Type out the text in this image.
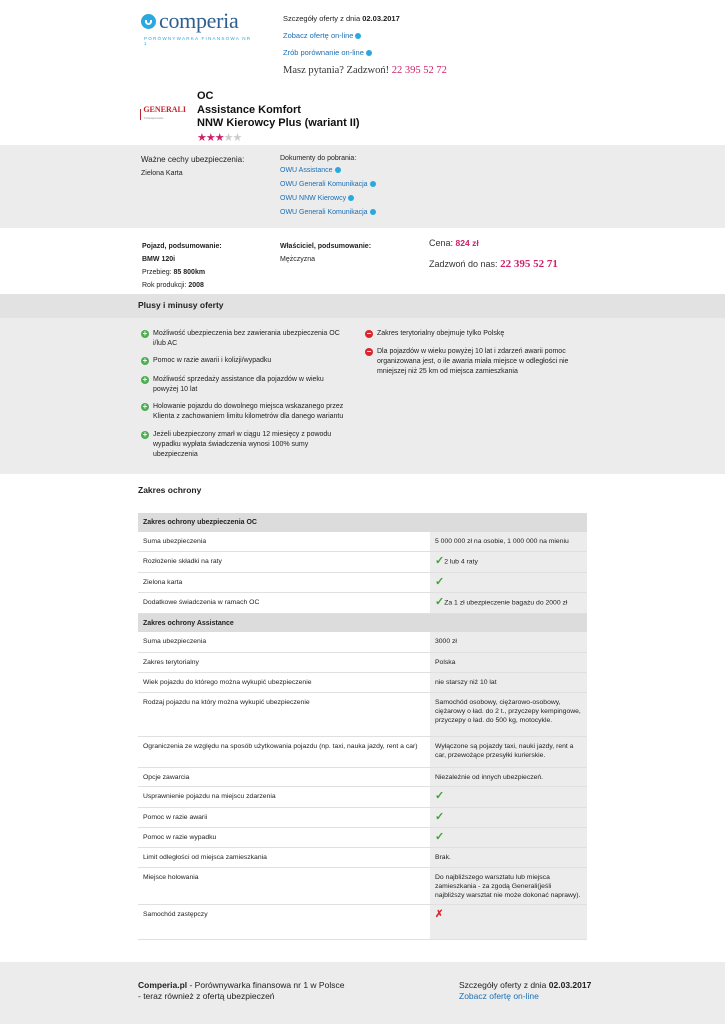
comperia
PORÓWNYWARKA FINANSOWA NR 1
Szczegóły oferty z dnia 02.03.2017
Zobacz ofertę on-line
Zrób porównanie on-line
Masz pytania? Zadzwoń! 22 395 52 72
GENERALI
T.Ubezpieczenia
OC
Assistance Komfort
NNW Kierowcy Plus (wariant II)
★★★★★
Ważne cechy ubezpieczenia:
Zielona Karta
Dokumenty do pobrania:
OWU Assistance
OWU Generali Komunikacja
OWU NNW Kierowcy
OWU Generali Komunikacja
Pojazd, podsumowanie:
BMW 120i
Przebieg: 85 800km
Rok produkcji: 2008
Właściciel, podsumowanie:
Mężczyzna
Cena: 824 zł
Zadzwoń do nas: 22 395 52 71
Plusy i minusy oferty
+ Możliwość ubezpieczenia bez zawierania ubezpieczenia OC i/lub AC
+ Pomoc w razie awarii i kolizji/wypadku
+ Możliwość sprzedaży assistance dla pojazdów w wieku powyżej 10 lat
+ Holowanie pojazdu do dowolnego miejsca wskazanego przez Klienta z zachowaniem limitu kilometrów dla danego wariantu
+ Jeżeli ubezpieczony zmarł w ciągu 12 miesięcy z powodu wypadku wypłata świadczenia wynosi 100% sumy ubezpieczenia
− Zakres terytorialny obejmuje tylko Polskę
− Dla pojazdów w wieku powyżej 10 lat i zdarzeń awarii pomoc organizowana jest, o ile awaria miała miejsce w odległości nie mniejszej niż 25 km od miejsca zamieszkania
Zakres ochrony
Zakres ochrony ubezpieczenia OC	
Suma ubezpieczenia	5 000 000 zł na osobie, 1 000 000 na mieniu
Rozłożenie składki na raty	✓2 lub 4 raty
Zielona karta	✓
Dodatkowe świadczenia w ramach OC	✓Za 1 zł ubezpieczenie bagażu do 2000 zł
Zakres ochrony Assistance	
Suma ubezpieczenia	3000 zł
Zakres terytorialny	Polska
Wiek pojazdu do którego można wykupić ubezpieczenie	nie starszy niż 10 lat
Rodzaj pojazdu na który można wykupić ubezpieczenie	Samochód osobowy, ciężarowo-osobowy, ciężarowy o ład. do 2 t., przyczepy kempingowe, przyczepy o ład. do 500 kg, motocykle.
Ograniczenia ze względu na sposób użytkowania pojazdu (np. taxi, nauka jazdy, rent a car)	Wyłączone są pojazdy taxi, nauki jazdy, rent a car, przewożące przesyłki kurierskie.
Opcje zawarcia	Niezależnie od innych ubezpieczeń.
Usprawnienie pojazdu na miejscu zdarzenia	✓
Pomoc w razie awarii	✓
Pomoc w razie wypadku	✓
Limit odległości od miejsca zamieszkania	Brak.
Miejsce holowania	Do najbliższego warsztatu lub miejsca zamieszkania - za zgodą Generali(jeśli najbliższy warsztat nie może dokonać naprawy).
Samochód zastępczy	✗
Comperia.pl - Porównywarka finansowa nr 1 w Polsce
- teraz również z ofertą ubezpieczeń
Szczegóły oferty z dnia 02.03.2017
Zobacz ofertę on-line
